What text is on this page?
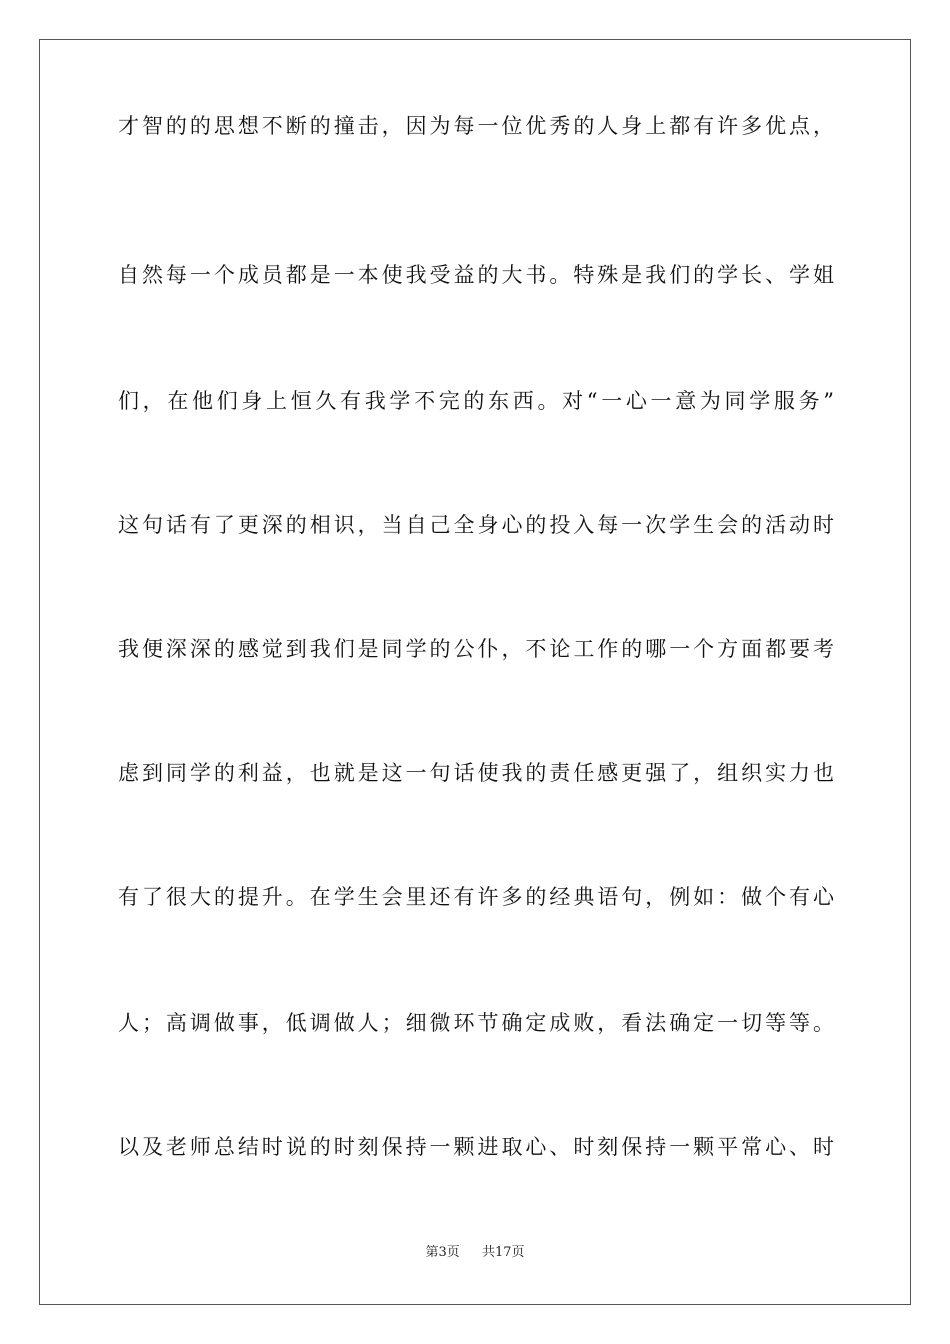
才智的的思想不断的撞击，因为每一位优秀的人身上都有许多优点，
自然每一个成员都是一本使我受益的大书。特殊是我们的学长、学姐
们，在他们身上恒久有我学不完的东西。对“一心一意为同学服务”
这句话有了更深的相识，当自己全身心的投入每一次学生会的活动时
我便深深的感觉到我们是同学的公仆，不论工作的哪一个方面都要考
虑到同学的利益，也就是这一句话使我的责任感更强了，组织实力也
有了很大的提升。在学生会里还有许多的经典语句，例如：做个有心
人；高调做事，低调做人；细微环节确定成败，看法确定一切等等。
以及老师总结时说的时刻保持一颗进取心、时刻保持一颗平常心、时
第3页 共17页
